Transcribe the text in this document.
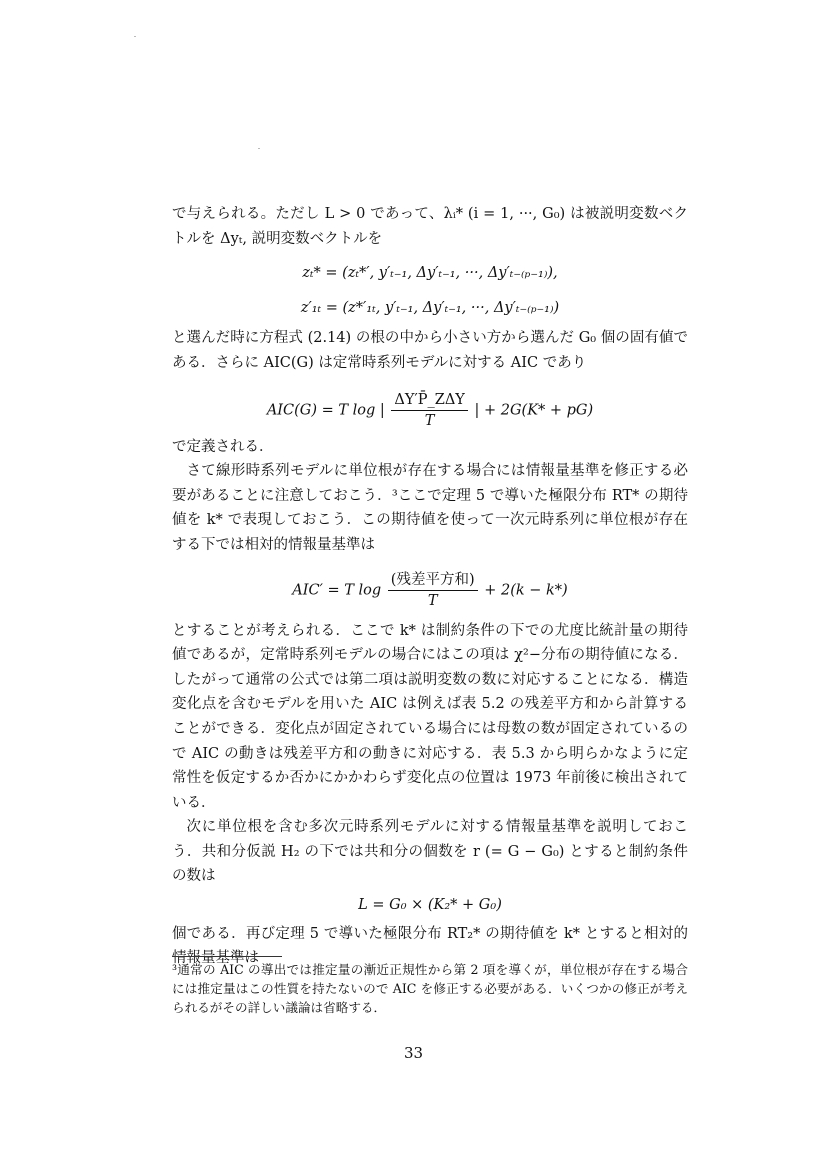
で与えられる。ただし L > 0 であって、λᵢ* (i = 1, ···, G₀) は被説明変数ベクトルを Δyₜ, 説明変数ベクトルを

zₜ* = (zₜ*′, y′ₜ₋₁, Δy′ₜ₋₁, ···, Δy′ₜ₋₍ₚ₋₁₎),

z′₁ₜ = (z*′₁ₜ, y′ₜ₋₁, Δy′ₜ₋₁, ···, Δy′ₜ₋₍ₚ₋₁₎)

と選んだ時に方程式 (2.14) の根の中から小さい方から選んだ G₀ 個の固有値である．さらに AIC(G) は定常時系列モデルに対する AIC であり

AIC(G) = T log | $\frac{\text{ΔY′P̄\_ZΔY}}{T}$ | + 2G(K* + pG)

で定義される．

さて線形時系列モデルに単位根が存在する場合には情報量基準を修正する必要があることに注意しておこう．³ここで定理 5 で導いた極限分布 RT* の期待値を k* で表現しておこう．この期待値を使って一次元時系列に単位根が存在する下では相対的情報量基準は

AIC′ = T $\log \frac{\text{(残差平方和)}}{T} + 2(k - k*)$

とすることが考えられる．ここで k* は制約条件の下での尤度比統計量の期待値であるが，定常時系列モデルの場合にはこの項は χ²−分布の期待値になる．したがって通常の公式では第二項は説明変数の数に対応することになる．構造変化点を含むモデルを用いた AIC は例えば表 5.2 の残差平方和から計算することができる．変化点が固定されている場合には母数の数が固定されているので AIC の動きは残差平方和の動きに対応する．表 5.3 から明らかなように定常性を仮定するか否かにかかわらず変化点の位置は 1973 年前後に検出されている．

次に単位根を含む多次元時系列モデルに対する情報量基準を説明しておこう．共和分仮説 H₂ の下では共和分の個数を r (= G − G₀) とすると制約条件の数は

L = G₀ × (K₂* + G₀)

個である．再び定理 5 で導いた極限分布 RT₂* の期待値を k* とすると相対的情報量基準は

³通常の AIC の導出では推定量の漸近正規性から第 2 項を導くが，単位根が存在する場合には推定量はこの性質を持たないので AIC を修正する必要がある．いくつかの修正が考えられるがその詳しい議論は省略する．

33
